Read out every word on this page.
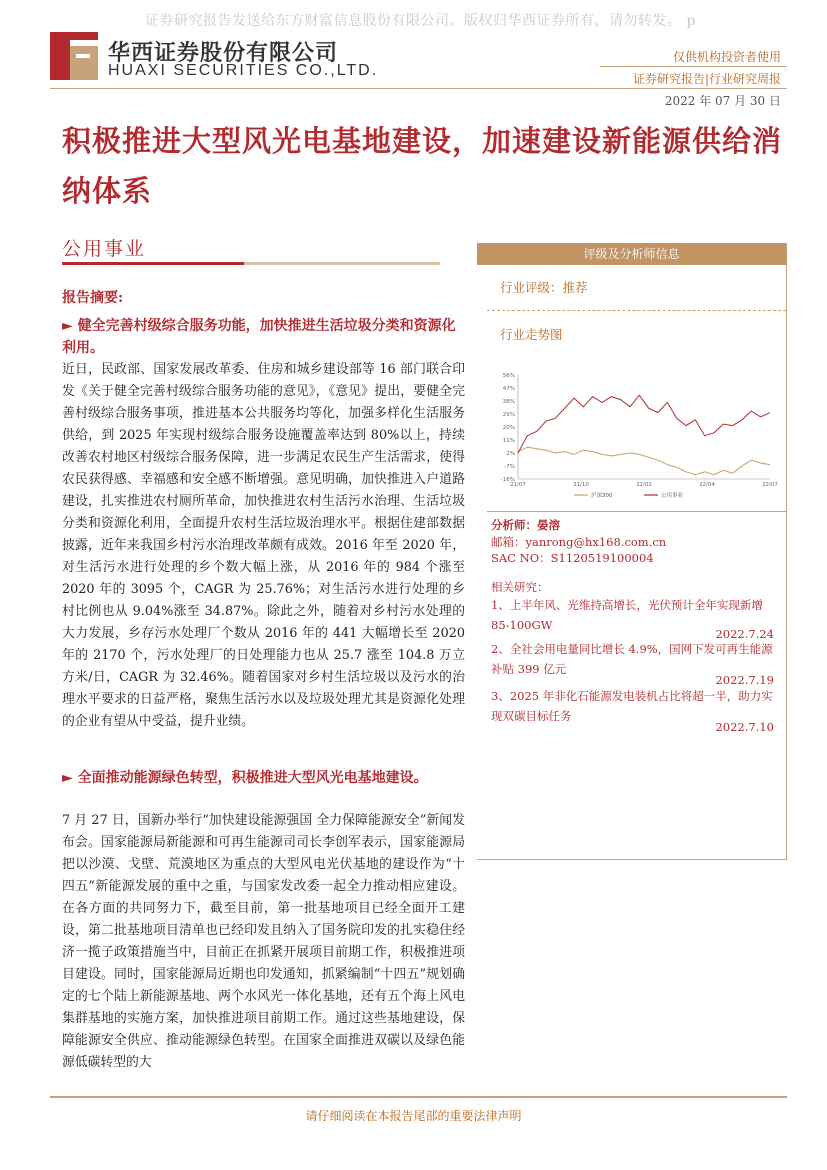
证券研究报告发送给东方财富信息股份有限公司。版权归华西证券所有，请勿转发。 p
华西证券股份有限公司
HUAXI SECURITIES CO.,LTD.
仅供机构投资者使用
证券研究报告|行业研究周报
2022 年 07 月 30 日
积极推进大型风光电基地建设，加速建设新能源供给消纳体系
公用事业
报告摘要:
► 健全完善村级综合服务功能，加快推进生活垃圾分类和资源化利用。
近日，民政部、国家发展改革委、住房和城乡建设部等 16 部门联合印发《关于健全完善村级综合服务功能的意见》，《意见》提出，要健全完善村级综合服务事项，推进基本公共服务均等化，加强多样化生活服务供给，到 2025 年实现村级综合服务设施覆盖率达到 80%以上，持续改善农村地区村级综合服务保障，进一步满足农民生产生活需求，使得农民获得感、幸福感和安全感不断增强。意见明确，加快推进入户道路建设，扎实推进农村厕所革命，加快推进农村生活污水治理、生活垃圾分类和资源化利用，全面提升农村生活垃圾治理水平。根据住建部数据披露，近年来我国乡村污水治理改革颇有成效。2016 年至 2020 年，对生活污水进行处理的乡个数大幅上涨，从 2016 年的 984 个涨至 2020 年的 3095 个，CAGR 为 25.76%；对生活污水进行处理的乡村比例也从 9.04%涨至 34.87%。除此之外，随着对乡村污水处理的大力发展，乡存污水处理厂个数从 2016 年的 441 大幅增长至 2020 年的 2170 个，污水处理厂的日处理能力也从 25.7 涨至 104.8 万立方米/日，CAGR 为 32.46%。随着国家对乡村生活垃圾以及污水的治理水平要求的日益严格，聚焦生活污水以及垃圾处理尤其是资源化处理的企业有望从中受益，提升业绩。
► 全面推动能源绿色转型，积极推进大型风光电基地建设。
7 月 27 日，国新办举行“加快建设能源强国 全力保障能源安全”新闻发布会。国家能源局新能源和可再生能源司司长李创军表示，国家能源局把以沙漠、戈壁、荒漠地区为重点的大型风电光伏基地的建设作为“十四五”新能源发展的重中之重，与国家发改委一起全力推动相应建设。在各方面的共同努力下，截至目前，第一批基地项目已经全面开工建设，第二批基地项目清单也已经印发且纳入了国务院印发的扎实稳住经济一揽子政策措施当中，目前正在抓紧开展项目前期工作，积极推进项目建设。同时，国家能源局近期也印发通知，抓紧编制“十四五”规划确定的七个陆上新能源基地、两个水风光一体化基地，还有五个海上风电集群基地的实施方案，加快推进项目前期工作。通过这些基地建设，保障能源安全供应、推动能源绿色转型。在国家全面推进双碳以及绿色能源低碳转型的大
评级及分析师信息
行业评级：推荐
行业走势图
-16%
-7%
2%
11%
20%
29%
38%
47%
56%
21/07	21/10	22/01	22/04	22/07
沪深300	公用事业
分析师：晏溶
邮箱：yanrong@hx168.com.cn
SAC NO：S1120519100004
相关研究：
1、上半年风、光维持高增长，光伏预计全年实现新增 85-100GW
2022.7.24
2、全社会用电量同比增长 4.9%，国网下发可再生能源补贴 399 亿元
2022.7.19
3、2025 年非化石能源发电装机占比将超一半，助力实现双碳目标任务
2022.7.10
请仔细阅读在本报告尾部的重要法律声明
